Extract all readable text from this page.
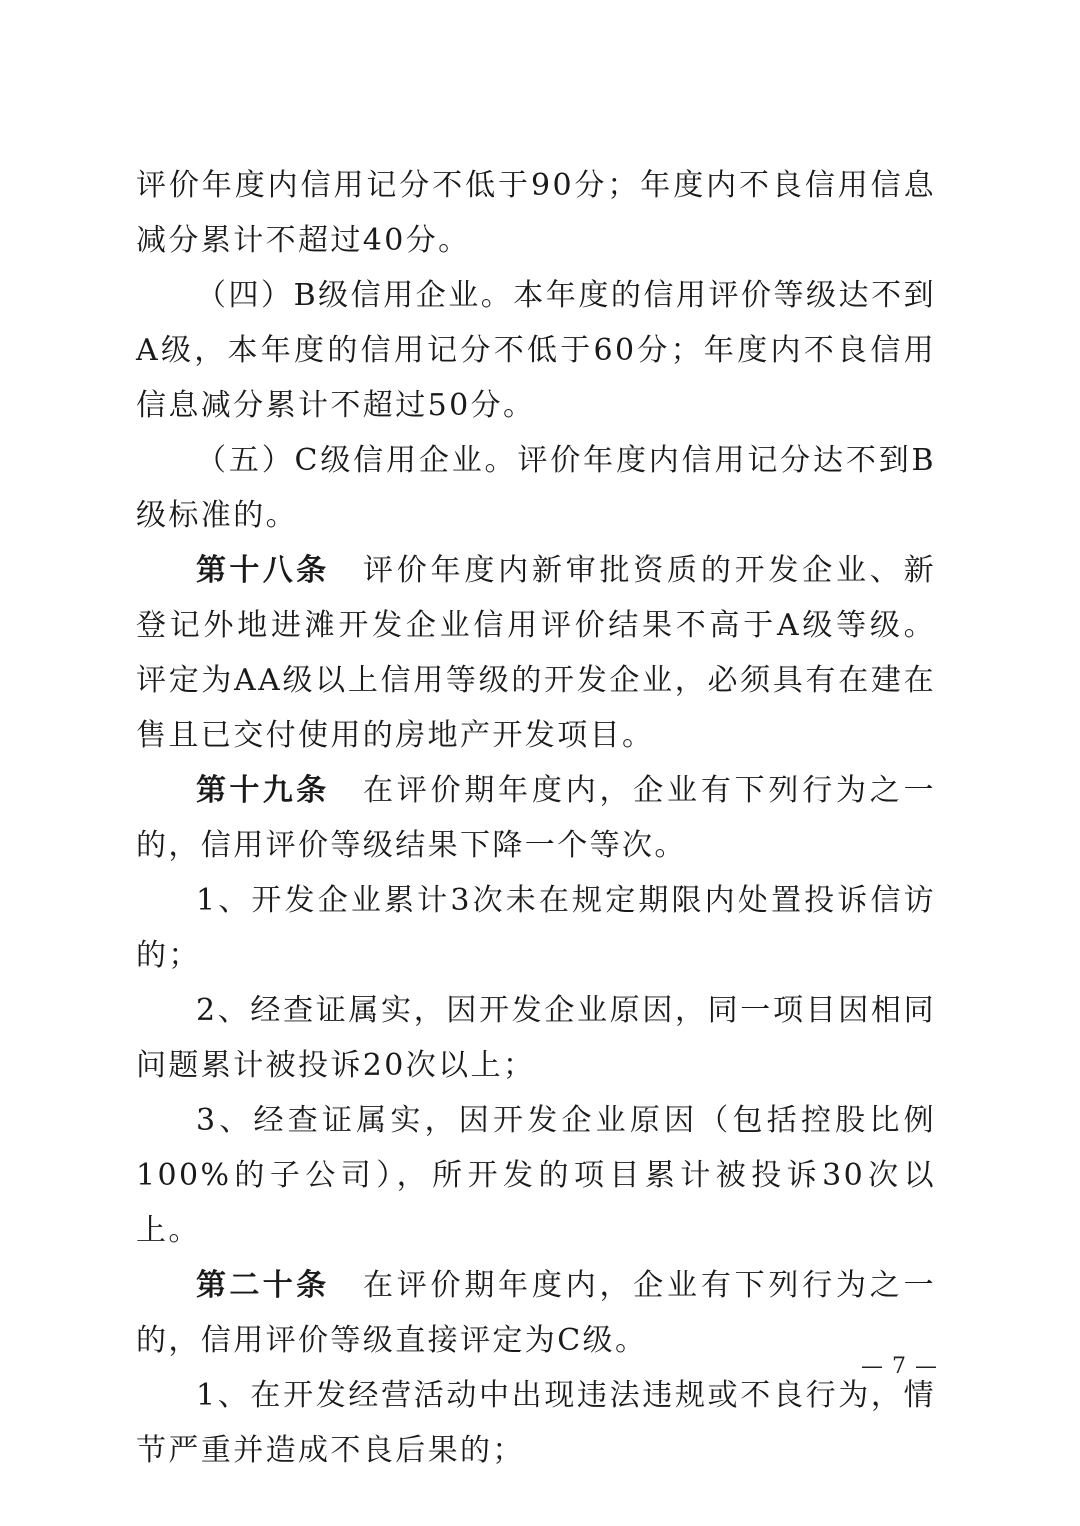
评价年度内信用记分不低于90分；年度内不良信用信息减分累计不超过40分。

（四）B级信用企业。本年度的信用评价等级达不到A级，本年度的信用记分不低于60分；年度内不良信用信息减分累计不超过50分。

（五）C级信用企业。评价年度内信用记分达不到B级标准的。

第十八条 评价年度内新审批资质的开发企业、新登记外地进滩开发企业信用评价结果不高于A级等级。评定为AA级以上信用等级的开发企业，必须具有在建在售且已交付使用的房地产开发项目。

第十九条 在评价期年度内，企业有下列行为之一的，信用评价等级结果下降一个等次。

1、开发企业累计3次未在规定期限内处置投诉信访的；

2、经查证属实，因开发企业原因，同一项目因相同问题累计被投诉20次以上；

3、经查证属实，因开发企业原因（包括控股比例100%的子公司），所开发的项目累计被投诉30次以上。

第二十条 在评价期年度内，企业有下列行为之一的，信用评价等级直接评定为C级。

1、在开发经营活动中出现违法违规或不良行为，情节严重并造成不良后果的；

— 7 —
